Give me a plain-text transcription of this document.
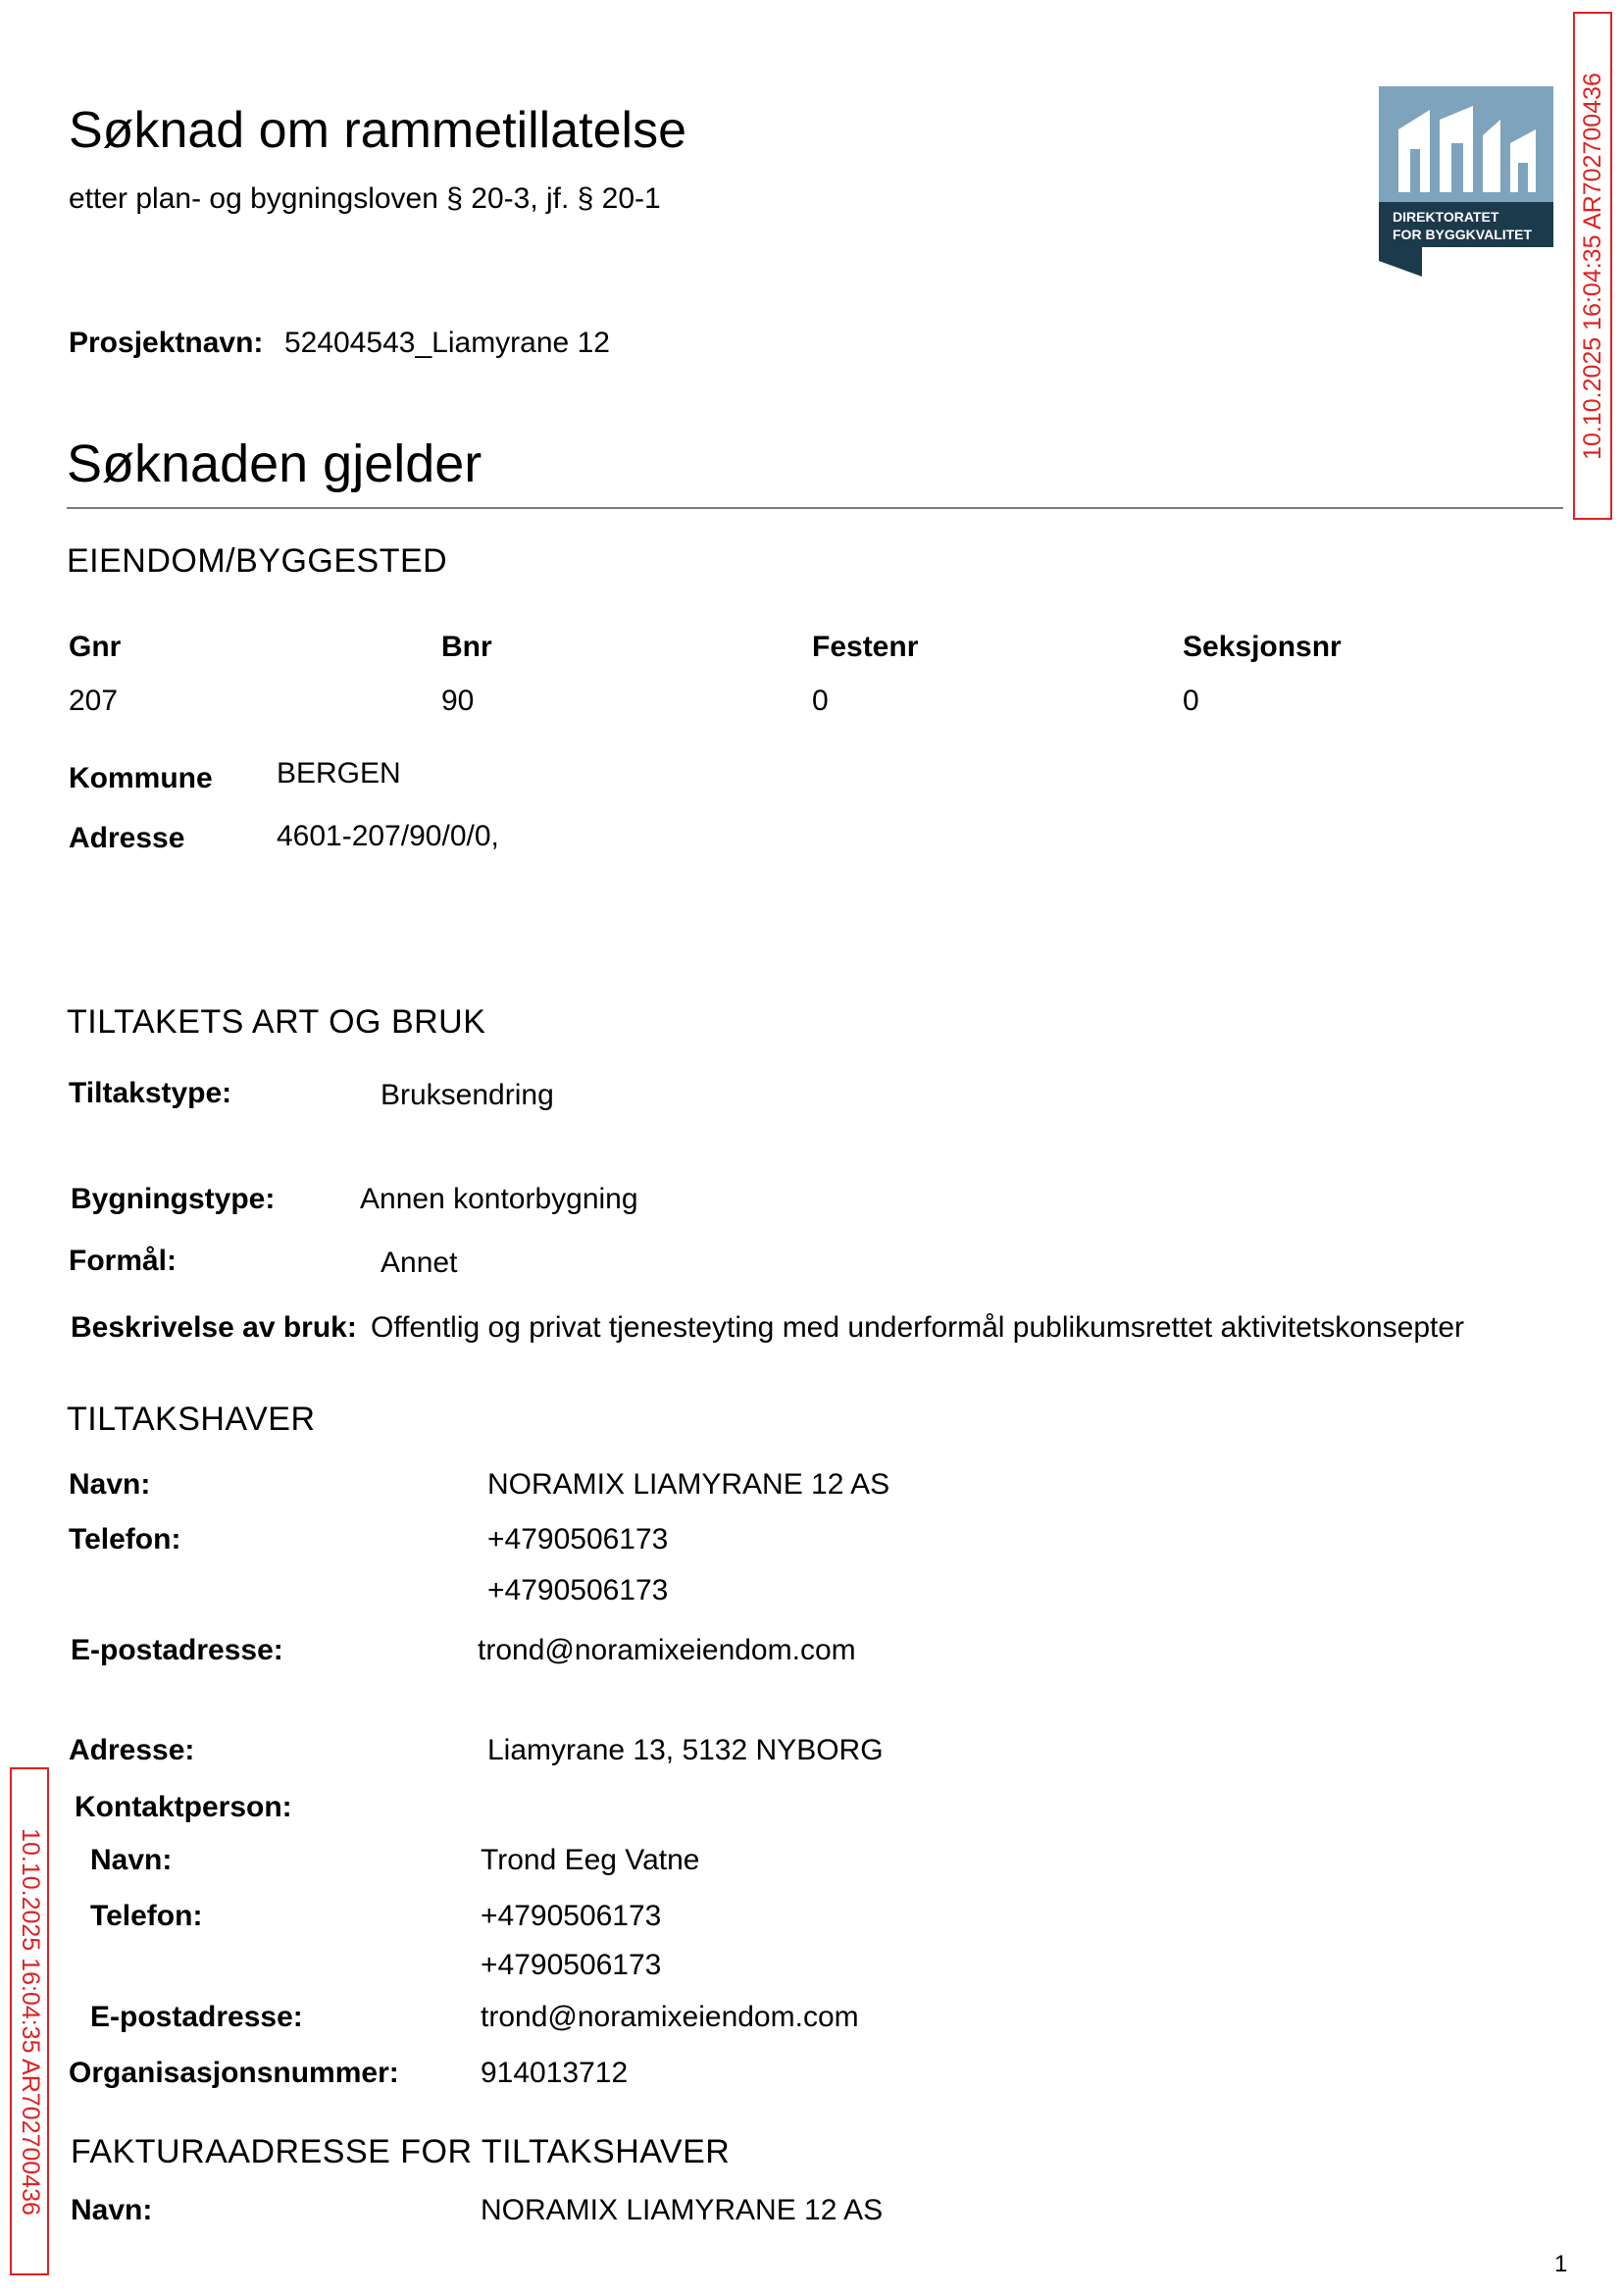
Søknad om rammetillatelse
etter plan- og bygningsloven § 20-3, jf. § 20-1
DIREKTORATET
FOR BYGGKVALITET 10.10.2025 16:04:35 AR702700436
10.10.2025 16:04:35 AR702700436
Prosjektnavn: 52404543_Liamyrane 12
Søknaden gjelder
EIENDOM/BYGGESTED
Gnr	Bnr	Festenr	Seksjonsnr
207	90	0	0
Kommune BERGEN
Adresse	4601-207/90/0/0,
TILTAKETS ART OG BRUK
Tiltakstype:	Bruksendring
Bygningstype:	Annen kontorbygning
Formål:	Annet
Beskrivelse av bruk: Offentlig og privat tjenesteyting med underformål publikumsrettet aktivitetskonsepter
TILTAKSHAVER
Navn:	NORAMIX LIAMYRANE 12 AS
Telefon:	+4790506173
+4790506173
E-postadresse:	trond@noramixeiendom.com
Adresse:	Liamyrane 13, 5132 NYBORG
Kontaktperson:
Navn:	Trond Eeg Vatne
Telefon:	+4790506173
+4790506173
E-postadresse:	trond@noramixeiendom.com
Organisasjonsnummer:	914013712
FAKTURAADRESSE FOR TILTAKSHAVER
Navn:	NORAMIX LIAMYRANE 12 AS
1
